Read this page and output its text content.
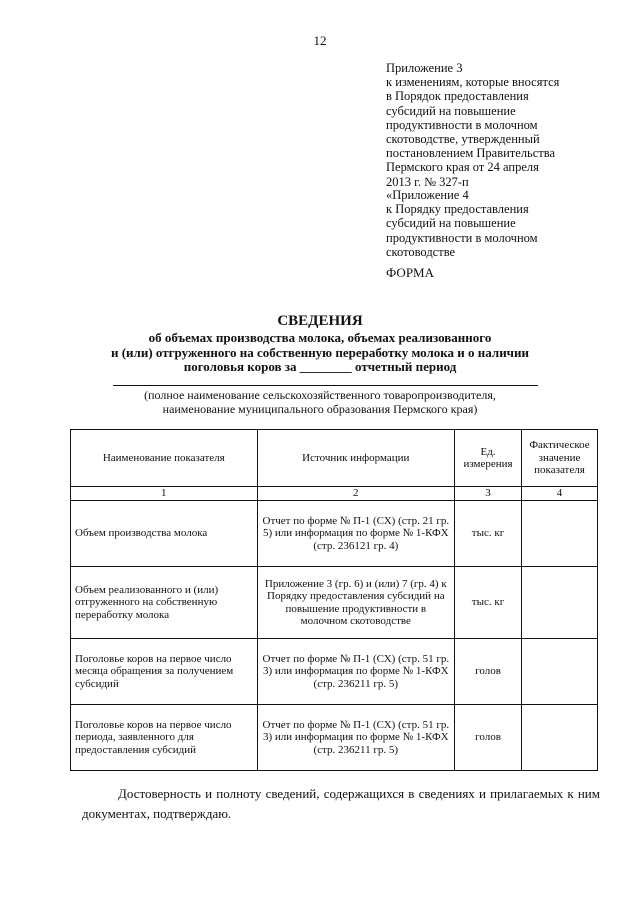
12
Приложение 3
к изменениям, которые вносятся
в Порядок предоставления
субсидий на повышение
продуктивности в молочном
скотоводстве, утвержденный
постановлением Правительства
Пермского края от 24 апреля
2013 г. № 327-п
«Приложение 4
к Порядку предоставления
субсидий на повышение
продуктивности в молочном
скотоводстве
ФОРМА
СВЕДЕНИЯ
об объемах производства молока, объемах реализованного
и (или) отгруженного на собственную переработку молока и о наличии
поголовья коров за ________ отчетный период
(полное наименование сельскохозяйственного товаропроизводителя,
наименование муниципального образования Пермского края)
Наименование показателя	Источник информации	Ед. измерения	Фактическое значение показателя
1	2	3	4
Объем производства молока	Отчет по форме № П-1 (СХ) (стр. 21 гр. 5) или информация по форме № 1-КФХ (стр. 236121 гр. 4)	тыс. кг	
Объем реализованного и (или) отгруженного на собственную переработку молока	Приложение 3 (гр. 6) и (или) 7 (гр. 4) к Порядку предоставления субсидий на повышение продуктивности в молочном скотоводстве	тыс. кг	
Поголовье коров на первое число месяца обращения за получением субсидий	Отчет по форме № П-1 (СХ) (стр. 51 гр. 3) или информация по форме № 1-КФХ (стр. 236211 гр. 5)	голов	
Поголовье коров на первое число периода, заявленного для предоставления субсидий	Отчет по форме № П-1 (СХ) (стр. 51 гр. 3) или информация по форме № 1-КФХ (стр. 236211 гр. 5)	голов	
Достоверность и полноту сведений, содержащихся в сведениях и прилагаемых к ним документах, подтверждаю.
